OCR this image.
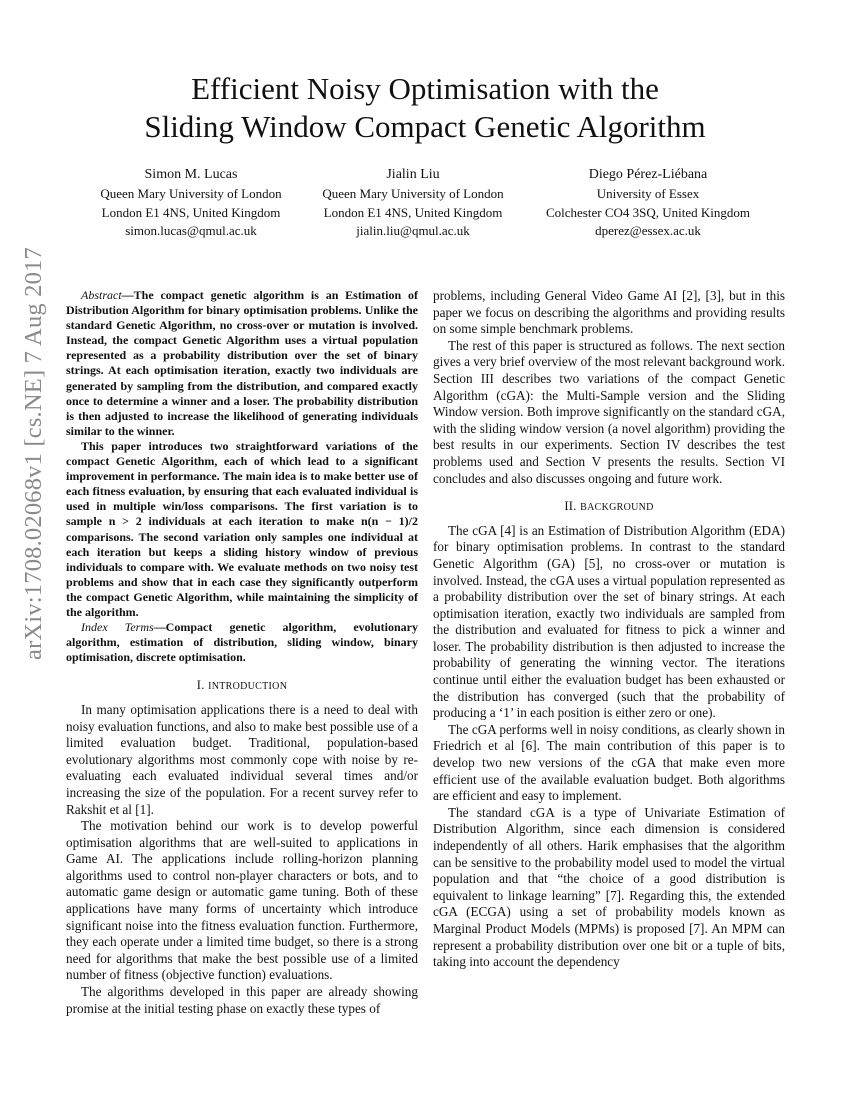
Efficient Noisy Optimisation with the
Sliding Window Compact Genetic Algorithm
Simon M. Lucas
Queen Mary University of London
London E1 4NS, United Kingdom
simon.lucas@qmul.ac.uk
Jialin Liu
Queen Mary University of London
London E1 4NS, United Kingdom
jialin.liu@qmul.ac.uk
Diego Pérez-Liébana
University of Essex
Colchester CO4 3SQ, United Kingdom
dperez@essex.ac.uk
arXiv:1708.02068v1 [cs.NE] 7 Aug 2017	Abstract—The compact genetic algorithm is an Estimation of Distribution Algorithm for binary optimisation problems. Unlike the standard Genetic Algorithm, no cross-over or mutation is involved. Instead, the compact Genetic Algorithm uses a virtual population represented as a probability distribution over the set of binary strings. At each optimisation iteration, exactly two individuals are generated by sampling from the distribution, and compared exactly once to determine a winner and a loser. The probability distribution is then adjusted to increase the likelihood of generating individuals similar to the winner.

This paper introduces two straightforward variations of the compact Genetic Algorithm, each of which lead to a significant improvement in performance. The main idea is to make better use of each fitness evaluation, by ensuring that each evaluated individual is used in multiple win/loss comparisons. The first variation is to sample n > 2 individuals at each iteration to make n(n − 1)/2 comparisons. The second variation only samples one individual at each iteration but keeps a sliding history window of previous individuals to compare with. We evaluate methods on two noisy test problems and show that in each case they significantly outperform the compact Genetic Algorithm, while maintaining the simplicity of the algorithm.

Index Terms—Compact genetic algorithm, evolutionary algorithm, estimation of distribution, sliding window, binary optimisation, discrete optimisation.

I. INTRODUCTION

In many optimisation applications there is a need to deal with noisy evaluation functions, and also to make best possible use of a limited evaluation budget. Traditional, population-based evolutionary algorithms most commonly cope with noise by re-evaluating each evaluated individual several times and/or increasing the size of the population. For a recent survey refer to Rakshit et al [1].

The motivation behind our work is to develop powerful optimisation algorithms that are well-suited to applications in Game AI. The applications include rolling-horizon planning algorithms used to control non-player characters or bots, and to automatic game design or automatic game tuning. Both of these applications have many forms of uncertainty which introduce significant noise into the fitness evaluation function. Furthermore, they each operate under a limited time budget, so there is a strong need for algorithms that make the best possible use of a limited number of fitness (objective function) evaluations.

The algorithms developed in this paper are already showing promise at the initial testing phase on exactly these types of

problems, including General Video Game AI [2], [3], but in this paper we focus on describing the algorithms and providing results on some simple benchmark problems.

The rest of this paper is structured as follows. The next section gives a very brief overview of the most relevant background work. Section III describes two variations of the compact Genetic Algorithm (cGA): the Multi-Sample version and the Sliding Window version. Both improve significantly on the standard cGA, with the sliding window version (a novel algorithm) providing the best results in our experiments. Section IV describes the test problems used and Section V presents the results. Section VI concludes and also discusses ongoing and future work.

II. BACKGROUND

The cGA [4] is an Estimation of Distribution Algorithm (EDA) for binary optimisation problems. In contrast to the standard Genetic Algorithm (GA) [5], no cross-over or mutation is involved. Instead, the cGA uses a virtual population represented as a probability distribution over the set of binary strings. At each optimisation iteration, exactly two individuals are sampled from the distribution and evaluated for fitness to pick a winner and loser. The probability distribution is then adjusted to increase the probability of generating the winning vector. The iterations continue until either the evaluation budget has been exhausted or the distribution has converged (such that the probability of producing a ‘1’ in each position is either zero or one).

The cGA performs well in noisy conditions, as clearly shown in Friedrich et al [6]. The main contribution of this paper is to develop two new versions of the cGA that make even more efficient use of the available evaluation budget. Both algorithms are efficient and easy to implement.

The standard cGA is a type of Univariate Estimation of Distribution Algorithm, since each dimension is considered independently of all others. Harik emphasises that the algorithm can be sensitive to the probability model used to model the virtual population and that “the choice of a good distribution is equivalent to linkage learning” [7]. Regarding this, the extended cGA (ECGA) using a set of probability models known as Marginal Product Models (MPMs) is proposed [7]. An MPM can represent a probability distribution over one bit or a tuple of bits, taking into account the dependency
